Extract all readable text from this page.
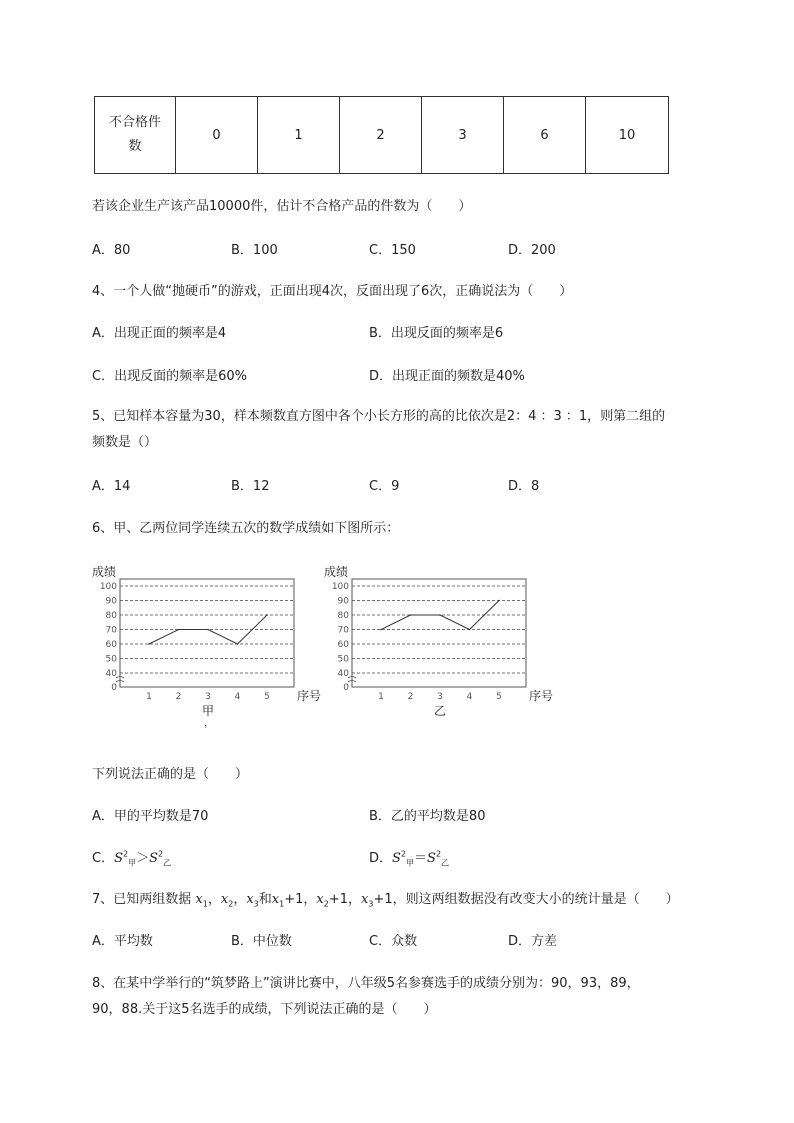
不合格件
数
	0	1	2	3	6	10
若该企业生产该产品10000件，估计不合格产品的件数为（　　）
A．80	B．100	C．150	D．200
4、一个人做“抛硬币”的游戏，正面出现4次，反面出现了6次，正确说法为（　　）
A．出现正面的频率是4	B．出现反面的频率是6
C．出现反面的频率是60%	D．出现正面的频数是40%
5、已知样本容量为30，样本频数直方图中各个小长方形的高的比依次是2：4 ：3 ：1，则第二组的
频数是（）
A．14	B．12	C．9	D．8
6、甲、乙两位同学连续五次的数学成绩如下图所示：
0
40
50
60
70
80
90
100
1	2	3	4	5
成绩
序号
甲
，
0
40
50
60
70
80
90
100
1	2	3	4	5
成绩
序号
乙
下列说法正确的是（　　）
A．甲的平均数是70	B．乙的平均数是80
C．$S^2_甲>S^2_乙$	D．$S^2_甲=S^2_乙$
7、已知两组数据 $x_1$，$x_2$，$x_3$和$x_1+1$，$x_2+1$，$x_3+1$，则这两组数据没有改变大小的统计量是（　　）
A．平均数	B．中位数	C．众数	D．方差
8、在某中学举行的“筑梦路上”演讲比赛中，八年级5名参赛选手的成绩分别为：90，93，89，
90，88.关于这5名选手的成绩，下列说法正确的是（　　）
